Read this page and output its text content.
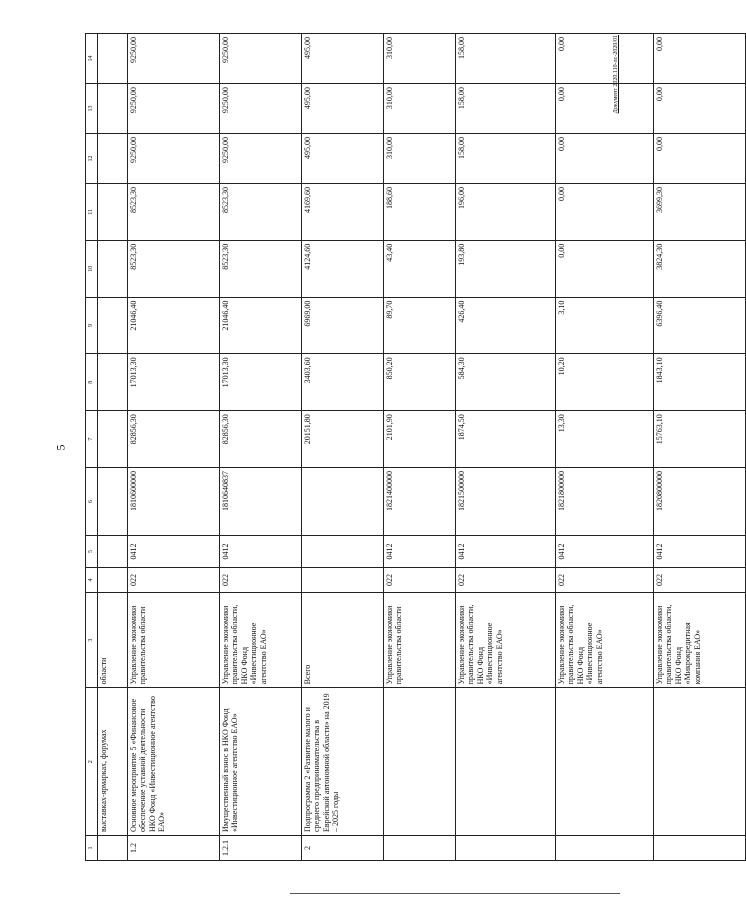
5
1	2	3	4	5	6	7	8	9	10	11	12	13	14
	выставках-ярмарках, форумах	области											
1.2	Основное мероприятие 5 «Финансовое обеспечение уставной деятельности НКО Фонд «Инвестиционное агентство ЕАО»	Управление экономики правительства области	022	0412	1810600000	82856,30	17013,30	21046,40	8523,30	8523,30	9250,00	9250,00	9250,00
1.2.1	Имущественный взнос в НКО Фонд «Инвестиционное агентство ЕАО»	Управление экономики правительства области, НКО Фонд «Инвестиционное агентство ЕАО»	022	0412	1810640837	82856,30	17013,30	21046,40	8523,30	8523,30	9250,00	9250,00	9250,00
2	Подпрограмма 2 «Развитие малого и среднего предпринимательства в Еврейской автономной области» на 2019 – 2025 годы	Всего				20151,80	3403,60	6969,00	4124,60	4169,60	495,00	495,00	495,00
		Управление экономики правительства области	022	0412	1821400000	2101,90	850,20	89,70	43,40	188,60	310,00	310,00	310,00
		Управление экономики правительства области, НКО Фонд «Инвестиционное агентство ЕАО»	022	0412	1821500000	1874,50	584,30	426,40	193,80	196,00	158,00	158,00	158,00
		Управление экономики правительства области, НКО Фонд «Инвестиционное агентство ЕАО»	022	0412	1821800000	13,30	10,20	3,10	0,00	0,00	0,00	0,00	0,00
		Управление экономики правительства области, НКО Фонд «Микрокредитная компания ЕАО»	022	0412	1820800000	15763,10	1843,10	6396,40	3824,30	3699,30	0,00	0,00	0,00
Документ 2020.110-лс-2020/01
